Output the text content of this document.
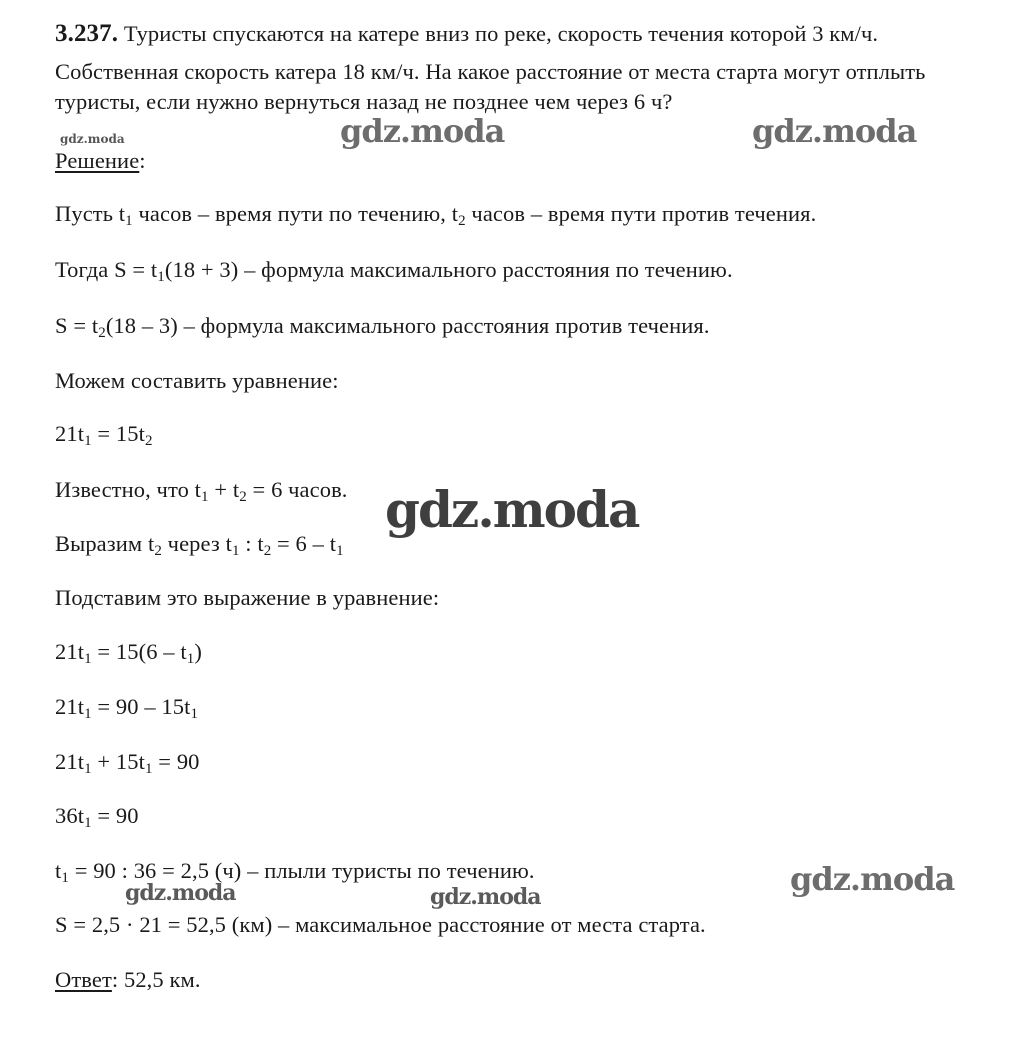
3.237. Туристы спускаются на катере вниз по реке, скорость течения которой 3 км/ч.
Собственная скорость катера 18 км/ч. На какое расстояние от места старта могут отплыть
туристы, если нужно вернуться назад не позднее чем через 6 ч?
gdz.moda	gdz.moda	gdz.moda
gdz.moda
gdz.moda	gdz.moda	gdz.moda
Решение:
Пусть $t_1$ часов – время пути по течению, $t_2$ часов – время пути против течения.
Тогда $S = t_1(18 + 3)$ – формула максимального расстояния по течению.
$S = t_2(18 - 3)$ – формула максимального расстояния против течения.
Можем составить уравнение:
$21t_1 = 15t_2$
Известно, что $t_1 + t_2 = 6$ часов.
Выразим $t_2$ через $t_1$ : $t_2 = 6 - t_1$
Подставим это выражение в уравнение:
$21t_1 = 15(6 - t_1)$
$21t_1 = 90 - 15t_1$
$21t_1 + 15t_1 = 90$
$36t_1 = 90$
$t_1 = 90$ : 36 = 2,5 (ч) – плыли туристы по течению.
S = 2,5 · 21 = 52,5 (км) – максимальное расстояние от места старта.
Ответ: 52,5 км.
